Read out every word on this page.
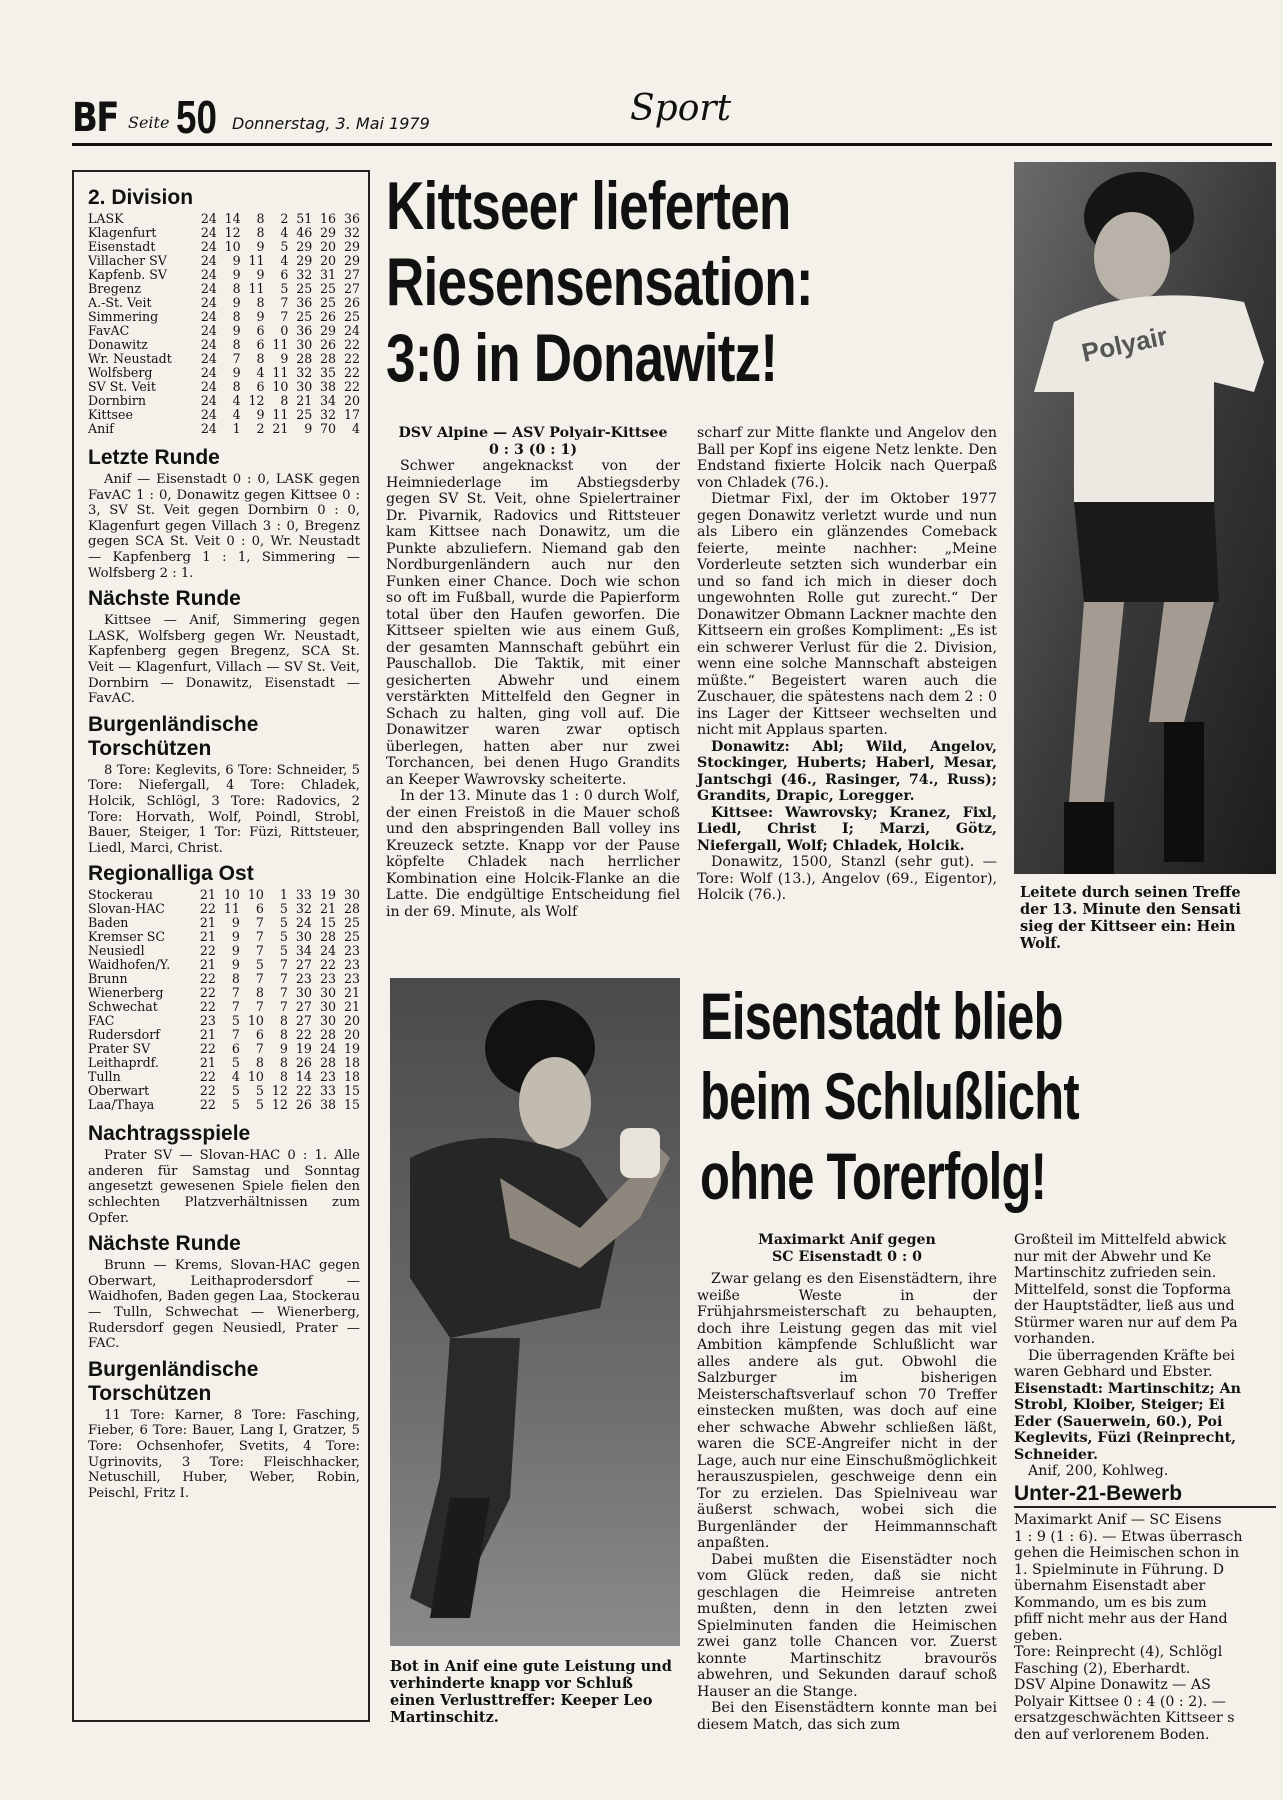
BF Seite 50 Donnerstag, 3. Mai 1979	Sport
2. Division
LASK	24	14	8	2	51	16	36
Klagenfurt	24	12	8	4	46	29	32
Eisenstadt	24	10	9	5	29	20	29
Villacher SV	24	9	11	4	29	20	29
Kapfenb. SV	24	9	9	6	32	31	27
Bregenz	24	8	11	5	25	25	27
A.-St. Veit	24	9	8	7	36	25	26
Simmering	24	8	9	7	25	26	25
FavAC	24	9	6	0	36	29	24
Donawitz	24	8	6	11	30	26	22
Wr. Neustadt	24	7	8	9	28	28	22
Wolfsberg	24	9	4	11	32	35	22
SV St. Veit	24	8	6	10	30	38	22
Dornbirn	24	4	12	8	21	34	20
Kittsee	24	4	9	11	25	32	17
Anif	24	1	2	21	9	70	4
Letzte Runde

Anif — Eisenstadt 0 : 0, LASK gegen FavAC 1 : 0, Donawitz gegen Kittsee 0 : 3, SV St. Veit gegen Dornbirn 0 : 0, Klagenfurt gegen Villach 3 : 0, Bregenz gegen SCA St. Veit 0 : 0, Wr. Neustadt — Kapfenberg 1 : 1, Simmering — Wolfsberg 2 : 1.

Nächste Runde

Kittsee — Anif, Simmering gegen LASK, Wolfsberg gegen Wr. Neustadt, Kapfenberg gegen Bregenz, SCA St. Veit — Klagenfurt, Villach — SV St. Veit, Dornbirn — Donawitz, Eisenstadt — FavAC.

Burgenländische
Torschützen

8 Tore: Keglevits, 6 Tore: Schneider, 5 Tore: Niefergall, 4 Tore: Chladek, Holcik, Schlögl, 3 Tore: Radovics, 2 Tore: Horvath, Wolf, Poindl, Strobl, Bauer, Steiger, 1 Tor: Füzi, Rittsteuer, Liedl, Marci, Christ.

Regionalliga Ost
Stockerau	21	10	10	1	33	19	30
Slovan-HAC	22	11	6	5	32	21	28
Baden	21	9	7	5	24	15	25
Kremser SC	21	9	7	5	30	28	25
Neusiedl	22	9	7	5	34	24	23
Waidhofen/Y.	21	9	5	7	27	22	23
Brunn	22	8	7	7	23	23	23
Wienerberg	22	7	8	7	30	30	21
Schwechat	22	7	7	7	27	30	21
FAC	23	5	10	8	27	30	20
Rudersdorf	21	7	6	8	22	28	20
Prater SV	22	6	7	9	19	24	19
Leithaprdf.	21	5	8	8	26	28	18
Tulln	22	4	10	8	14	23	18
Oberwart	22	5	5	12	22	33	15
Laa/Thaya	22	5	5	12	26	38	15
Nachtragsspiele

Prater SV — Slovan-HAC 0 : 1. Alle anderen für Samstag und Sonntag angesetzt gewesenen Spiele fielen den schlechten Platzverhältnissen zum Opfer.

Nächste Runde

Brunn — Krems, Slovan-HAC gegen Oberwart, Leithaprodersdorf — Waidhofen, Baden gegen Laa, Stockerau — Tulln, Schwechat — Wienerberg, Rudersdorf gegen Neusiedl, Prater — FAC.

Burgenländische
Torschützen

11 Tore: Karner, 8 Tore: Fasching, Fieber, 6 Tore: Bauer, Lang I, Gratzer, 5 Tore: Ochsenhofer, Svetits, 4 Tore: Ugrinovits, 3 Tore: Fleischhacker, Netuschill, Huber, Weber, Robin, Peischl, Fritz I.

Kittseer lieferten
Riesensensation:
3:0 in Donawitz!

DSV Alpine — ASV Polyair-Kittsee

0 : 3 (0 : 1)

Schwer angeknackst von der Heimniederlage im Abstiegsderby gegen SV St. Veit, ohne Spielertrainer Dr. Pivarnik, Radovics und Rittsteuer kam Kittsee nach Donawitz, um die Punkte abzuliefern. Niemand gab den Nordburgenländern auch nur den Funken einer Chance. Doch wie schon so oft im Fußball, wurde die Papierform total über den Haufen geworfen. Die Kittseer spielten wie aus einem Guß, der gesamten Mannschaft gebührt ein Pauschallob. Die Taktik, mit einer gesicherten Abwehr und einem verstärkten Mittelfeld den Gegner in Schach zu halten, ging voll auf. Die Donawitzer waren zwar optisch überlegen, hatten aber nur zwei Torchancen, bei denen Hugo Grandits an Keeper Wawrovsky scheiterte.

In der 13. Minute das 1 : 0 durch Wolf, der einen Freistoß in die Mauer schoß und den abspringenden Ball volley ins Kreuzeck setzte. Knapp vor der Pause köpfelte Chladek nach herrlicher Kombination eine Holcik-Flanke an die Latte. Die endgültige Entscheidung fiel in der 69. Minute, als Wolf

scharf zur Mitte flankte und Angelov den Ball per Kopf ins eigene Netz lenkte. Den Endstand fixierte Holcik nach Querpaß von Chladek (76.).

Dietmar Fixl, der im Oktober 1977 gegen Donawitz verletzt wurde und nun als Libero ein glänzendes Comeback feierte, meinte nachher: „Meine Vorderleute setzten sich wunderbar ein und so fand ich mich in dieser doch ungewohnten Rolle gut zurecht.“ Der Donawitzer Obmann Lackner machte den Kittseern ein großes Kompliment: „Es ist ein schwerer Verlust für die 2. Division, wenn eine solche Mannschaft absteigen müßte.“ Begeistert waren auch die Zuschauer, die spätestens nach dem 2 : 0 ins Lager der Kittseer wechselten und nicht mit Applaus sparten.

Donawitz: Abl; Wild, Angelov, Stockinger, Huberts; Haberl, Mesar, Jantschgi (46., Rasinger, 74., Russ); Grandits, Drapic, Loregger.

Kittsee: Wawrovsky; Kranez, Fixl, Liedl, Christ I; Marzi, Götz, Niefergall, Wolf; Chladek, Holcik.

Donawitz, 1500, Stanzl (sehr gut). — Tore: Wolf (13.), Angelov (69., Eigentor), Holcik (76.).

Polyair
Leitete durch seinen Treffe
der 13. Minute den Sensati
sieg der Kittseer ein: Hein
Wolf.
Bot in Anif eine gute Leistung und verhinderte knapp vor Schluß einen Verlusttreffer: Keeper Leo Martinschitz.
Eisenstadt blieb
beim Schlußlicht
ohne Torerfolg!

Maximarkt Anif gegen

SC Eisenstadt 0 : 0

Zwar gelang es den Eisenstädtern, ihre weiße Weste in der Frühjahrsmeisterschaft zu behaupten, doch ihre Leistung gegen das mit viel Ambition kämpfende Schlußlicht war alles andere als gut. Obwohl die Salzburger im bisherigen Meisterschaftsverlauf schon 70 Treffer einstecken mußten, was doch auf eine eher schwache Abwehr schließen läßt, waren die SCE-Angreifer nicht in der Lage, auch nur eine Einschußmöglichkeit herauszuspielen, geschweige denn ein Tor zu erzielen. Das Spielniveau war äußerst schwach, wobei sich die Burgenländer der Heimmannschaft anpaßten.

Dabei mußten die Eisenstädter noch vom Glück reden, daß sie nicht geschlagen die Heimreise antreten mußten, denn in den letzten zwei Spielminuten fanden die Heimischen zwei ganz tolle Chancen vor. Zuerst konnte Martinschitz bravourös abwehren, und Sekunden darauf schoß Hauser an die Stange.

Bei den Eisenstädtern konnte man bei diesem Match, das sich zum

Großteil im Mittelfeld abwick
nur mit der Abwehr und Ke
Martinschitz zufrieden sein.
Mittelfeld, sonst die Topforma
der Hauptstädter, ließ aus und
Stürmer waren nur auf dem Pa
vorhanden.
Die überragenden Kräfte bei waren Gebhard und Ebster.
Eisenstadt: Martinschitz; An
Strobl, Kloiber, Steiger; Ei
Eder (Sauerwein, 60.), Poi
Keglevits, Füzi (Reinprecht,
Schneider.
Anif, 200, Kohlweg.
Unter-21-Bewerb
Maximarkt Anif — SC Eisens
1 : 9 (1 : 6). — Etwas überrasch
gehen die Heimischen schon in
1. Spielminute in Führung. D
übernahm Eisenstadt aber
Kommando, um es bis zum
pfiff nicht mehr aus der Hand
geben.
Tore: Reinprecht (4), Schlögl
Fasching (2), Eberhardt.
DSV Alpine Donawitz — AS
Polyair Kittsee 0 : 4 (0 : 2). —
ersatzgeschwächten Kittseer s
den auf verlorenem Boden.
